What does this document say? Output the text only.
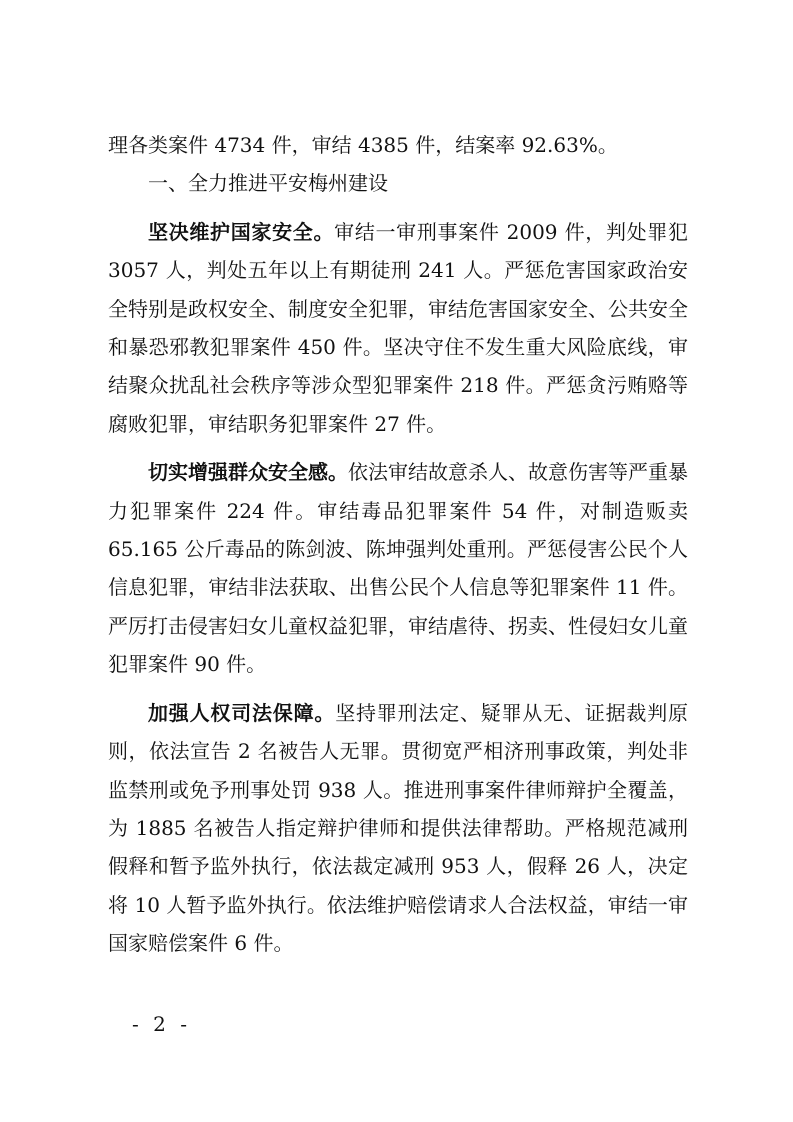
理各类案件 4734 件，审结 4385 件，结案率 92.63%。

一、全力推进平安梅州建设

坚决维护国家安全。审结一审刑事案件 2009 件，判处罪犯 3057 人，判处五年以上有期徒刑 241 人。严惩危害国家政治安全特别是政权安全、制度安全犯罪，审结危害国家安全、公共安全和暴恐邪教犯罪案件 450 件。坚决守住不发生重大风险底线，审结聚众扰乱社会秩序等涉众型犯罪案件 218 件。严惩贪污贿赂等腐败犯罪，审结职务犯罪案件 27 件。

切实增强群众安全感。依法审结故意杀人、故意伤害等严重暴力犯罪案件 224 件。审结毒品犯罪案件 54 件，对制造贩卖 65.165 公斤毒品的陈剑波、陈坤强判处重刑。严惩侵害公民个人信息犯罪，审结非法获取、出售公民个人信息等犯罪案件 11 件。严厉打击侵害妇女儿童权益犯罪，审结虐待、拐卖、性侵妇女儿童犯罪案件 90 件。

加强人权司法保障。坚持罪刑法定、疑罪从无、证据裁判原则，依法宣告 2 名被告人无罪。贯彻宽严相济刑事政策，判处非监禁刑或免予刑事处罚 938 人。推进刑事案件律师辩护全覆盖，为 1885 名被告人指定辩护律师和提供法律帮助。严格规范减刑假释和暂予监外执行，依法裁定减刑 953 人，假释 26 人，决定将 10 人暂予监外执行。依法维护赔偿请求人合法权益，审结一审国家赔偿案件 6 件。

- 2 -
